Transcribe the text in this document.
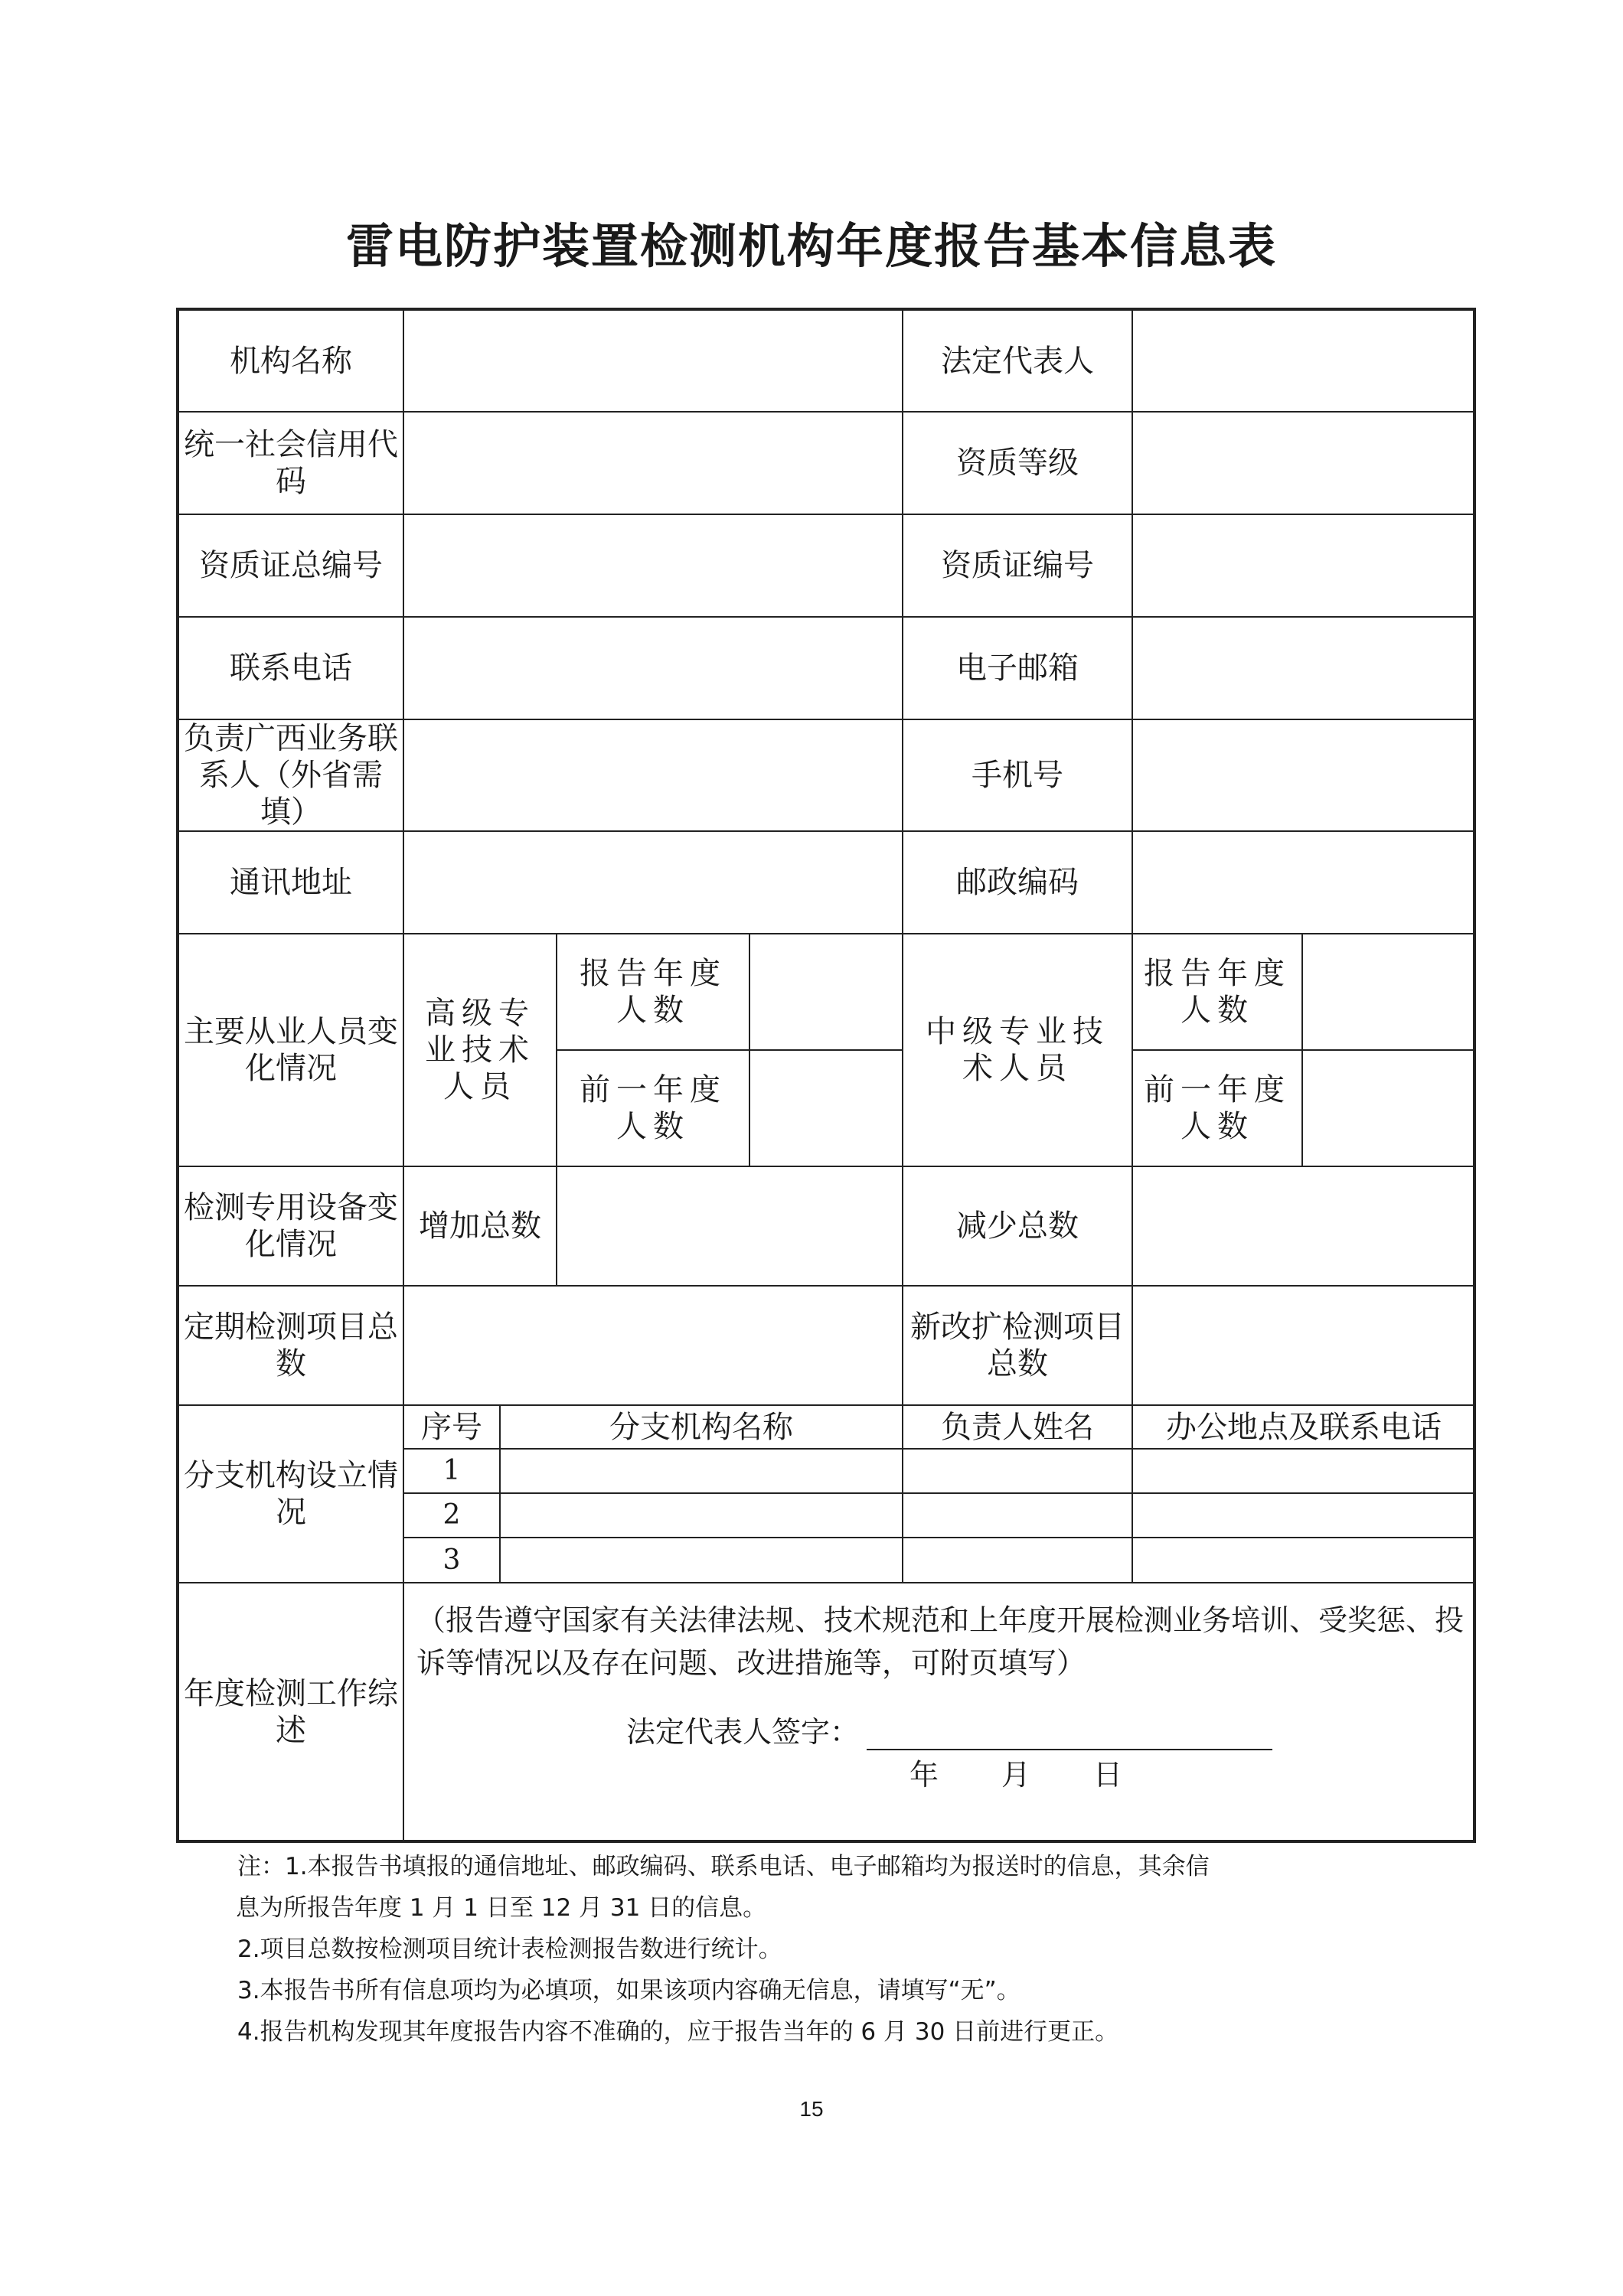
雷电防护装置检测机构年度报告基本信息表
机构名称		法定代表人	
统一社会信用代码		资质等级	
资质证总编号		资质证编号	
联系电话		电子邮箱	
负责广西业务联系人（外省需填）		手机号	
通讯地址		邮政编码	
主要从业人员变化情况	高级专业技术人员	报告年度人数		中级专业技术人员	报告年度人数	
前一年度人数		前一年度人数	
检测专用设备变化情况	增加总数		减少总数	
定期检测项目总数		新改扩检测项目总数	
分支机构设立情况	
序号	分支机构名称	负责人姓名	办公地点及联系电话
1			
2			
3			

年度检测工作综述	
（报告遵守国家有关法律法规、技术规范和上年度开展检测业务培训、受奖惩、投诉等情况以及存在问题、改进措施等，可附页填写）
法定代表人签字：
年　　月　　日
注：1.本报告书填报的通信地址、邮政编码、联系电话、电子邮箱均为报送时的信息，其余信
息为所报告年度 1 月 1 日至 12 月 31 日的信息。
2.项目总数按检测项目统计表检测报告数进行统计。
3.本报告书所有信息项均为必填项，如果该项内容确无信息，请填写“无”。
4.报告机构发现其年度报告内容不准确的，应于报告当年的 6 月 30 日前进行更正。
15
